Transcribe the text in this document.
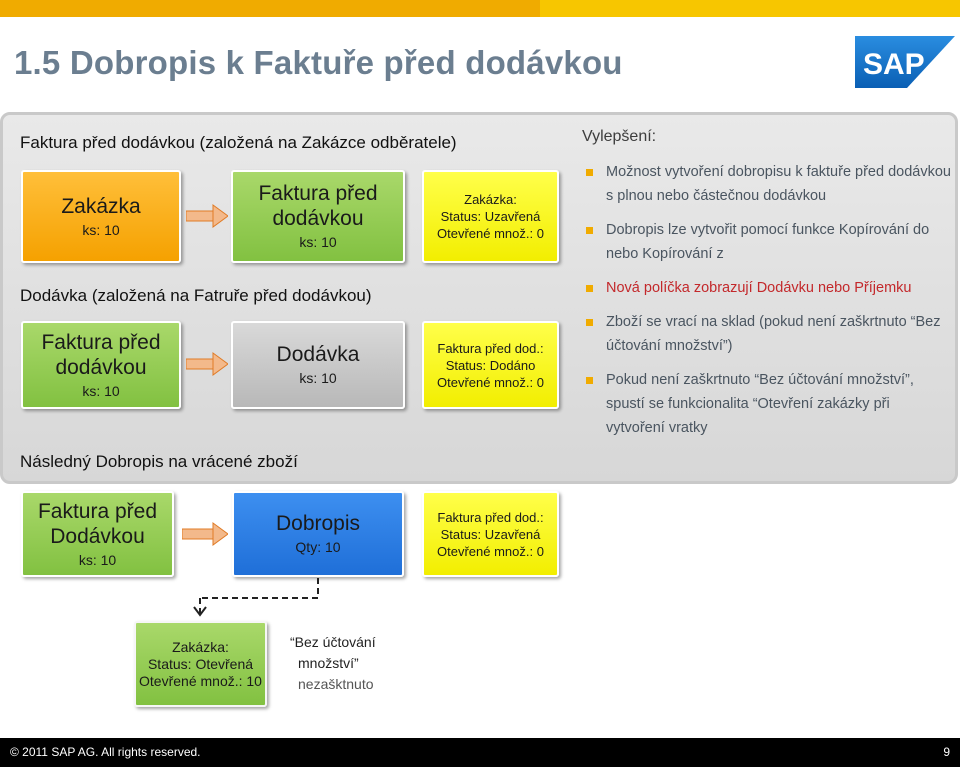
1.5 Dobropis k Faktuře před dodávkou	SAP
Faktura před dodávkou (založená na Zakázce odběratele)
Zakázka
ks: 10
Faktura před
dodávkou
ks: 10
Zakázka:
Status: Uzavřená
Otevřené množ.: 0
Dodávka (založená na Fatruře před dodávkou)
Faktura před
dodávkou
ks: 10
Dodávka
ks: 10
Faktura před dod.:
Status: Dodáno
Otevřené množ.: 0
Následný Dobropis na vrácené zboží
Faktura před
Dodávkou
ks: 10
Dobropis
Qty: 10
Faktura před dod.:
Status: Uzavřená
Otevřené množ.: 0
Zakázka:
Status: Otevřená
Otevřené množ.: 10
“Bez účtování
množství”
nezašktnuto
Vylepšení:
Možnost vytvoření dobropisu k faktuře před dodávkou s plnou nebo částečnou dodávkou
Dobropis lze vytvořit pomocí funkce Kopírování do nebo Kopírování z
Nová políčka zobrazují Dodávku nebo Příjemku
Zboží se vrací na sklad (pokud není zaškrtnuto “Bez účtování množství”)
Pokud není zaškrtnuto “Bez účtování množství”, spustí se funkcionalita “Otevření zakázky při vytvoření vratky
© 2011 SAP AG. All rights reserved.	9
